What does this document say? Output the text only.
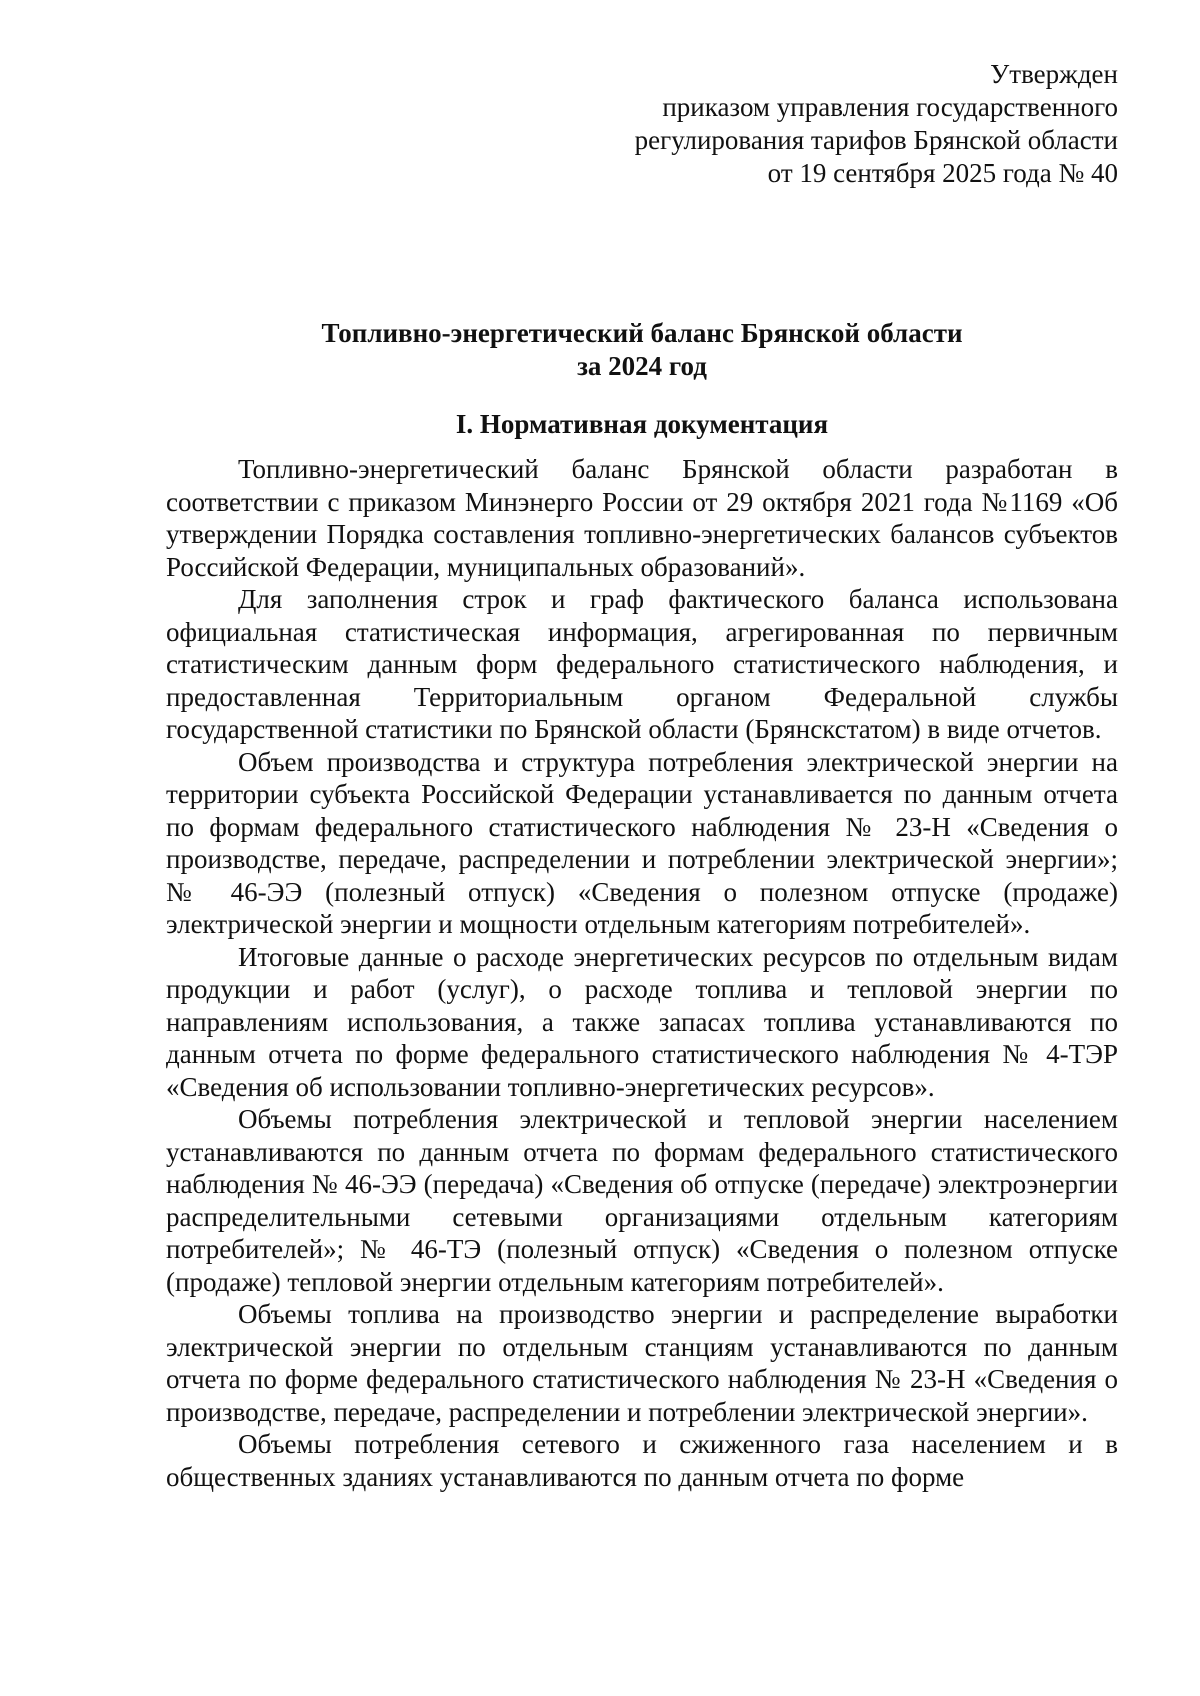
Утвержден
приказом управления государственного
регулирования тарифов Брянской области
от 19 сентября 2025 года № 40
Топливно-энергетический баланс Брянской области
за 2024 год
I. Нормативная документация

Топливно-энергетический баланс Брянской области разработан в соответствии с приказом Минэнерго России от 29 октября 2021 года №1169 «Об утверждении Порядка составления топливно-энергетических балансов субъектов Российской Федерации, муниципальных образований».

Для заполнения строк и граф фактического баланса использована официальная статистическая информация, агрегированная по первичным статистическим данным форм федерального статистического наблюдения, и предоставленная Территориальным органом Федеральной службы государственной статистики по Брянской области (Брянскстатом) в виде отчетов.

Объем производства и структура потребления электрической энергии на территории субъекта Российской Федерации устанавливается по данным отчета по формам федерального статистического наблюдения № 23-Н «Сведения о производстве, передаче, распределении и потреблении электрической энергии»; № 46-ЭЭ (полезный отпуск) «Сведения о полезном отпуске (продаже) электрической энергии и мощности отдельным категориям потребителей».

Итоговые данные о расходе энергетических ресурсов по отдельным видам продукции и работ (услуг), о расходе топлива и тепловой энергии по направлениям использования, а также запасах топлива устанавливаются по данным отчета по форме федерального статистического наблюдения № 4-ТЭР «Сведения об использовании топливно-энергетических ресурсов».

Объемы потребления электрической и тепловой энергии населением устанавливаются по данным отчета по формам федерального статистического наблюдения № 46-ЭЭ (передача) «Сведения об отпуске (передаче) электроэнергии распределительными сетевыми организациями отдельным категориям потребителей»; № 46-ТЭ (полезный отпуск) «Сведения о полезном отпуске (продаже) тепловой энергии отдельным категориям потребителей».

Объемы топлива на производство энергии и распределение выработки электрической энергии по отдельным станциям устанавливаются по данным отчета по форме федерального статистического наблюдения № 23-Н «Сведения о производстве, передаче, распределении и потреблении электрической энергии».

Объемы потребления сетевого и сжиженного газа населением и в общественных зданиях устанавливаются по данным отчета по форме
